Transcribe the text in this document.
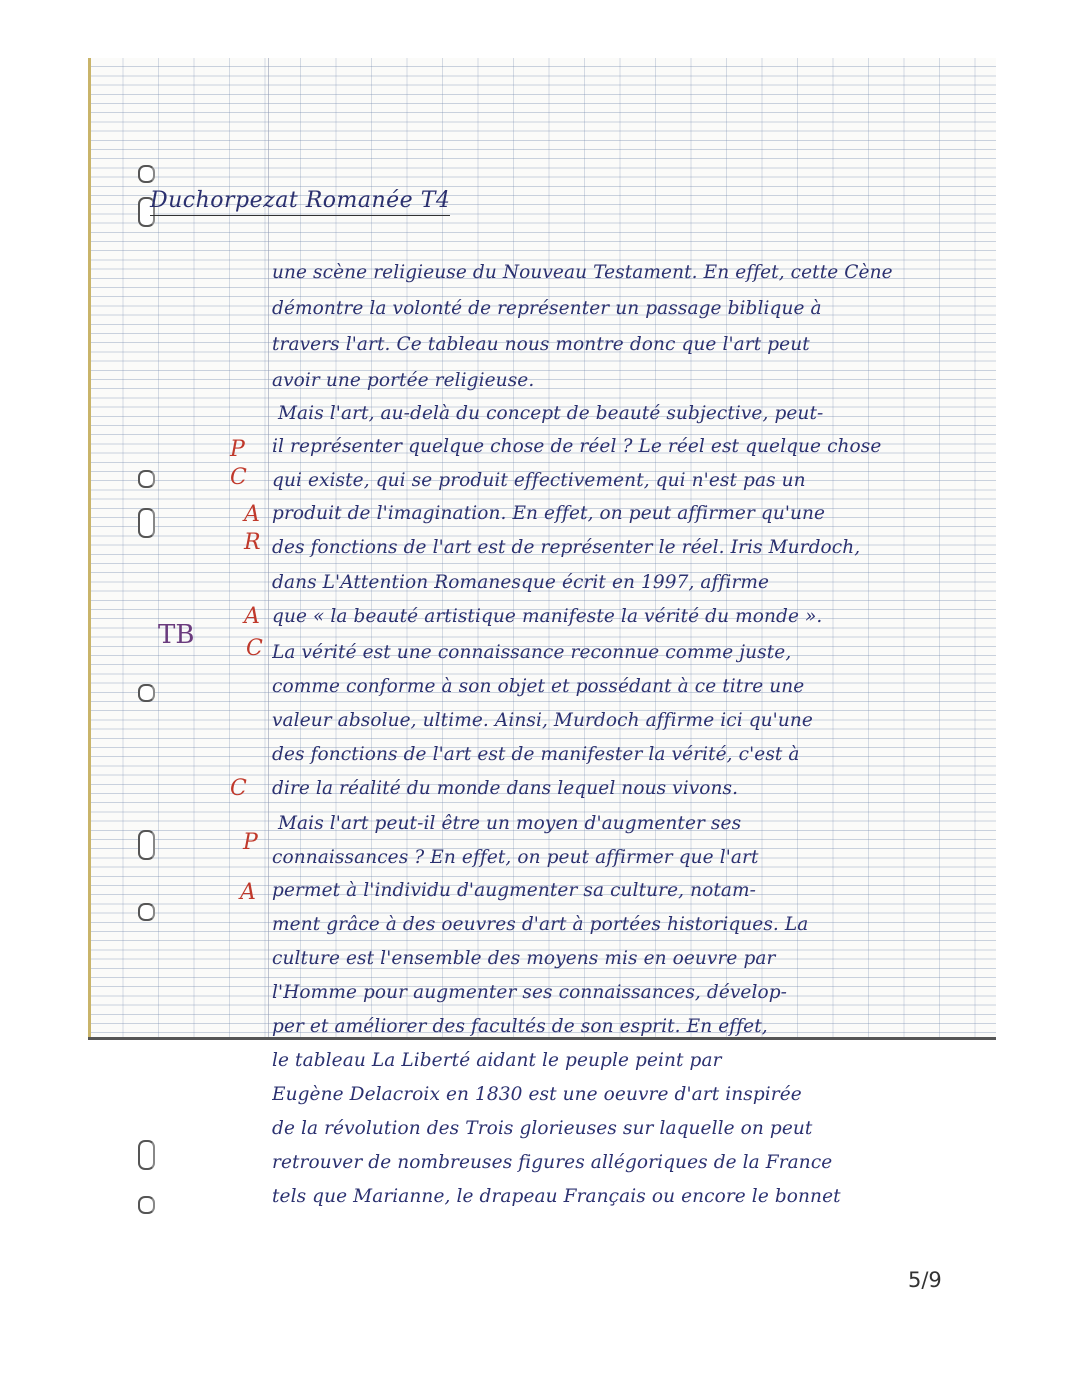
Duchorpezat Romanée T4
P
C
A
R
A
C
C
P
A
TB
une scène religieuse du Nouveau Testament. En effet, cette Cène
démontre la volonté de représenter un passage biblique à
travers l'art. Ce tableau nous montre donc que l'art peut
avoir une portée religieuse.
Mais l'art, au-delà du concept de beauté subjective, peut-
il représenter quelque chose de réel ? Le réel est quelque chose
qui existe, qui se produit effectivement, qui n'est pas un
produit de l'imagination. En effet, on peut affirmer qu'une
des fonctions de l'art est de représenter le réel. Iris Murdoch,
dans L'Attention Romanesque écrit en 1997, affirme
que « la beauté artistique manifeste la vérité du monde ».
La vérité est une connaissance reconnue comme juste,
comme conforme à son objet et possédant à ce titre une
valeur absolue, ultime. Ainsi, Murdoch affirme ici qu'une
des fonctions de l'art est de manifester la vérité, c'est à
dire la réalité du monde dans lequel nous vivons.
Mais l'art peut-il être un moyen d'augmenter ses
connaissances ? En effet, on peut affirmer que l'art
permet à l'individu d'augmenter sa culture, notam-
ment grâce à des oeuvres d'art à portées historiques. La
culture est l'ensemble des moyens mis en oeuvre par
l'Homme pour augmenter ses connaissances, dévelop-
per et améliorer des facultés de son esprit. En effet,
le tableau La Liberté aidant le peuple peint par
Eugène Delacroix en 1830 est une oeuvre d'art inspirée
de la révolution des Trois glorieuses sur laquelle on peut
retrouver de nombreuses figures allégoriques de la France
tels que Marianne, le drapeau Français ou encore le bonnet
5/9
